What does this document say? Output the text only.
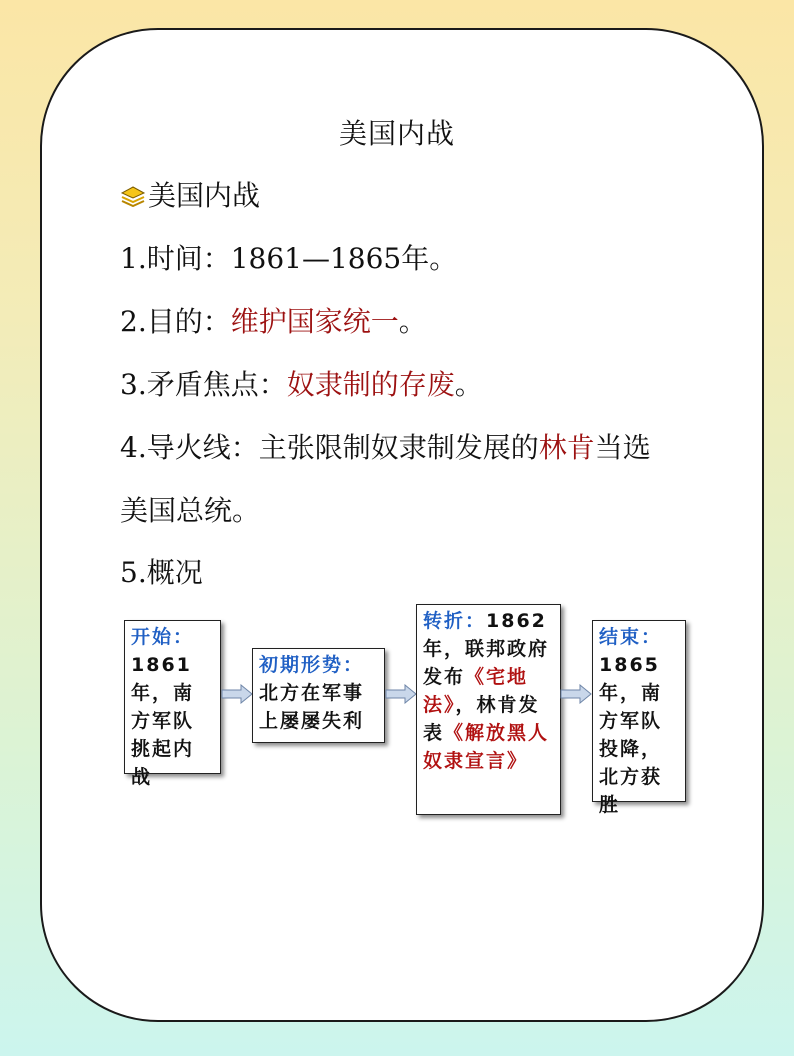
美国内战
美国内战
1.时间：1861—1865年。
2.目的：维护国家统一。
3.矛盾焦点：奴隶制的存废。
4.导火线：主张限制奴隶制发展的林肯当选
美国总统。
5.概况
开始：1861年，南方军队挑起内战
初期形势：北方在军事上屡屡失利
转折：1862年，联邦政府发布《宅地法》，林肯发表《解放黑人奴隶宣言》
结束：1865年，南方军队投降，北方获胜
